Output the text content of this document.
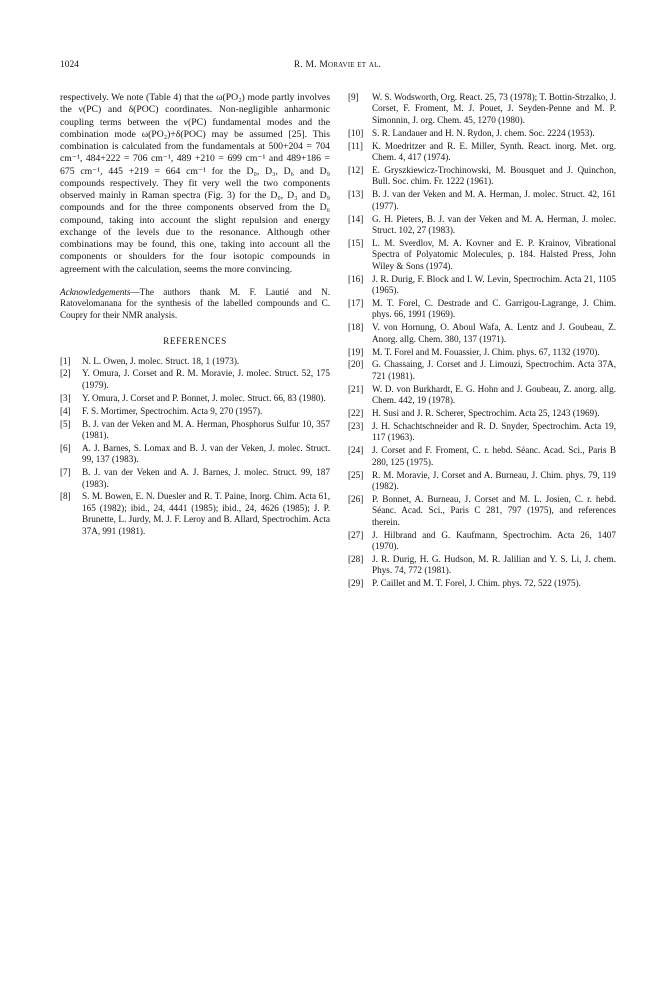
1024	R. M. Moravie et al.

respectively. We note (Table 4) that the ω(PO₂) mode partly involves the ν(PC) and δ(POC) coordinates. Non-negligible anharmonic coupling terms between the ν(PC) fundamental modes and the combination mode ω(PO₂)+δ(POC) may be assumed [25]. This combination is calculated from the fundamentals at 500+204 = 704 cm⁻¹, 484+222 = 706 cm⁻¹, 489 +210 = 699 cm⁻¹ and 489+186 = 675 cm⁻¹, 445 +219 = 664 cm⁻¹ for the D₀, D₃, D₆ and D₉ compounds respectively. They fit very well the two components observed mainly in Raman spectra (Fig. 3) for the D₀, D₃ and D₉ compounds and for the three components observed from the D₆ compound, taking into account the slight repulsion and energy exchange of the levels due to the resonance. Although other combinations may be found, this one, taking into account all the components or shoulders for the four isotopic compounds in agreement with the calculation, seems the more convincing.

Acknowledgements—The authors thank M. F. Lautié and N. Ratovelomanana for the synthesis of the labelled compounds and C. Coupry for their NMR analysis.

REFERENCES
[1] N. L. Owen, J. molec. Struct. 18, 1 (1973).
[2] Y. Omura, J. Corset and R. M. Moravie, J. molec. Struct. 52, 175 (1979).
[3] Y. Omura, J. Corset and P. Bonnet, J. molec. Struct. 66, 83 (1980).
[4] F. S. Mortimer, Spectrochim. Acta 9, 270 (1957).
[5] B. J. van der Veken and M. A. Herman, Phosphorus Sulfur 10, 357 (1981).
[6] A. J. Barnes, S. Lomax and B. J. van der Veken, J. molec. Struct. 99, 137 (1983).
[7] B. J. van der Veken and A. J. Barnes, J. molec. Struct. 99, 187 (1983).
[8] S. M. Bowen, E. N. Duesler and R. T. Paine, Inorg. Chim. Acta 61, 165 (1982); ibid., 24, 4441 (1985); ibid., 24, 4626 (1985); J. P. Brunette, L. Jurdy, M. J. F. Leroy and B. Allard, Spectrochim. Acta 37A, 991 (1981).
[9] W. S. Wodsworth, Org. React. 25, 73 (1978); T. Bottin-Strzalko, J. Corset, F. Froment, M. J. Pouet, J. Seyden-Penne and M. P. Simonnin, J. org. Chem. 45, 1270 (1980).
[10] S. R. Landauer and H. N. Rydon, J. chem. Soc. 2224 (1953).
[11] K. Moedritzer and R. E. Miller, Synth. React. inorg. Met. org. Chem. 4, 417 (1974).
[12] E. Gryszkiewicz-Trochinowski, M. Bousquet and J. Quinchon, Bull. Soc. chim. Fr. 1222 (1961).
[13] B. J. van der Veken and M. A. Herman, J. molec. Struct. 42, 161 (1977).
[14] G. H. Pieters, B. J. van der Veken and M. A. Herman, J. molec. Struct. 102, 27 (1983).
[15] L. M. Sverdlov, M. A. Kovner and E. P. Krainov, Vibrational Spectra of Polyatomic Molecules, p. 184. Halsted Press, John Wiley & Sons (1974).
[16] J. R. Durig, F. Block and I. W. Levin, Spectrochim. Acta 21, 1105 (1965).
[17] M. T. Forel, C. Destrade and C. Garrigou-Lagrange, J. Chim. phys. 66, 1991 (1969).
[18] V. von Hornung, O. Aboul Wafa, A. Lentz and J. Goubeau, Z. Anorg. allg. Chem. 380, 137 (1971).
[19] M. T. Forel and M. Fouassier, J. Chim. phys. 67, 1132 (1970).
[20] G. Chassaing, J. Corset and J. Limouzi, Spectrochim. Acta 37A, 721 (1981).
[21] W. D. von Burkhardt, E. G. Hohn and J. Goubeau, Z. anorg. allg. Chem. 442, 19 (1978).
[22] H. Susi and J. R. Scherer, Spectrochim. Acta 25, 1243 (1969).
[23] J. H. Schachtschneider and R. D. Snyder, Spectrochim. Acta 19, 117 (1963).
[24] J. Corset and F. Froment, C. r. hebd. Séanc. Acad. Sci., Paris B 280, 125 (1975).
[25] R. M. Moravie, J. Corset and A. Burneau, J. Chim. phys. 79, 119 (1982).
[26] P. Bonnet, A. Burneau, J. Corset and M. L. Josien, C. r. hebd. Séanc. Acad. Sci., Paris C 281, 797 (1975), and references therein.
[27] J. Hilbrand and G. Kaufmann, Spectrochim. Acta 26, 1407 (1970).
[28] J. R. Durig, H. G. Hudson, M. R. Jalilian and Y. S. Li, J. chem. Phys. 74, 772 (1981).
[29] P. Caillet and M. T. Forel, J. Chim. phys. 72, 522 (1975).
